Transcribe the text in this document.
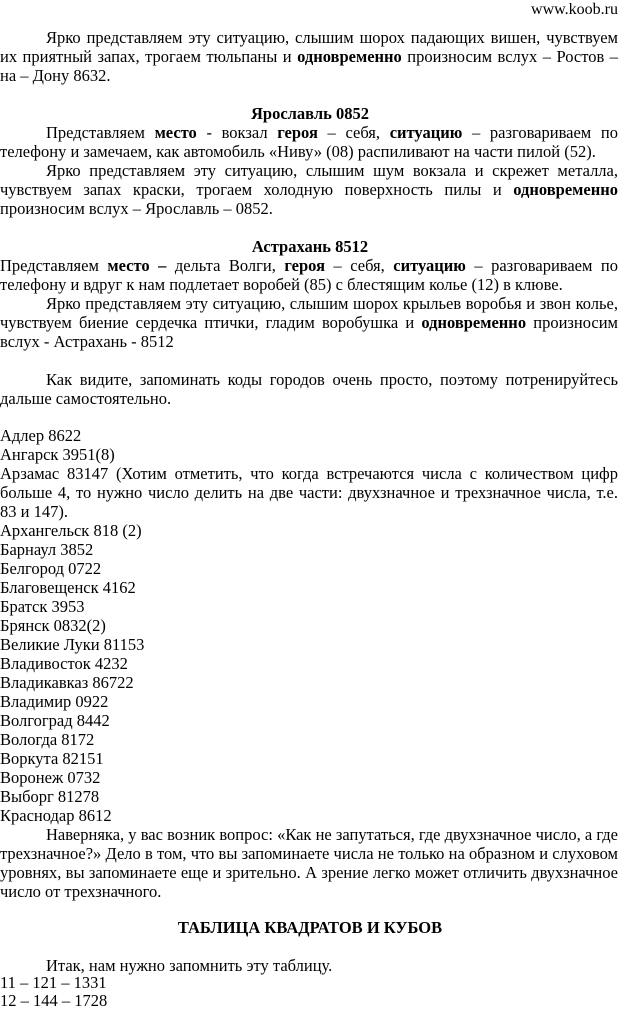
www.koob.ru
Ярко представляем эту ситуацию, слышим шорох падающих вишен, чувствуем их приятный запах, трогаем тюльпаны и одновременно произносим вслух – Ростов – на – Дону 8632.
Ярославль 0852
Представляем место - вокзал героя – себя, ситуацию – разговариваем по телефону и замечаем, как автомобиль «Ниву» (08) распиливают на части пилой (52).
Ярко представляем эту ситуацию, слышим шум вокзала и скрежет металла, чувствуем запах краски, трогаем холодную поверхность пилы и одновременно произносим вслух – Ярославль – 0852.
Астрахань 8512
Представляем место – дельта Волги, героя – себя, ситуацию – разговариваем по телефону и вдруг к нам подлетает воробей (85) с блестящим колье (12) в клюве.
Ярко представляем эту ситуацию, слышим шорох крыльев воробья и звон колье, чувствуем биение сердечка птички, гладим воробушка и одновременно произносим вслух - Астрахань - 8512
Как видите, запоминать коды городов очень просто, поэтому потренируйтесь дальше самостоятельно.
Адлер 8622
Ангарск 3951(8)
Арзамас 83147 (Хотим отметить, что когда встречаются числа с количеством цифр больше 4, то нужно число делить на две части: двухзначное и трехзначное числа, т.е. 83 и 147).
Архангельск 818 (2)
Барнаул 3852
Белгород 0722
Благовещенск 4162
Братск 3953
Брянск 0832(2)
Великие Луки 81153
Владивосток 4232
Владикавказ 86722
Владимир 0922
Волгоград 8442
Вологда 8172
Воркута 82151
Воронеж 0732
Выборг 81278
Краснодар 8612
Наверняка, у вас возник вопрос: «Как не запутаться, где двухзначное число, а где трехзначное?» Дело в том, что вы запоминаете числа не только на образном и слуховом уровнях, вы запоминаете еще и зрительно. А зрение легко может отличить двухзначное число от трехзначного.
ТАБЛИЦА КВАДРАТОВ И КУБОВ
Итак, нам нужно запомнить эту таблицу.
11 – 121 – 1331
12 – 144 – 1728
